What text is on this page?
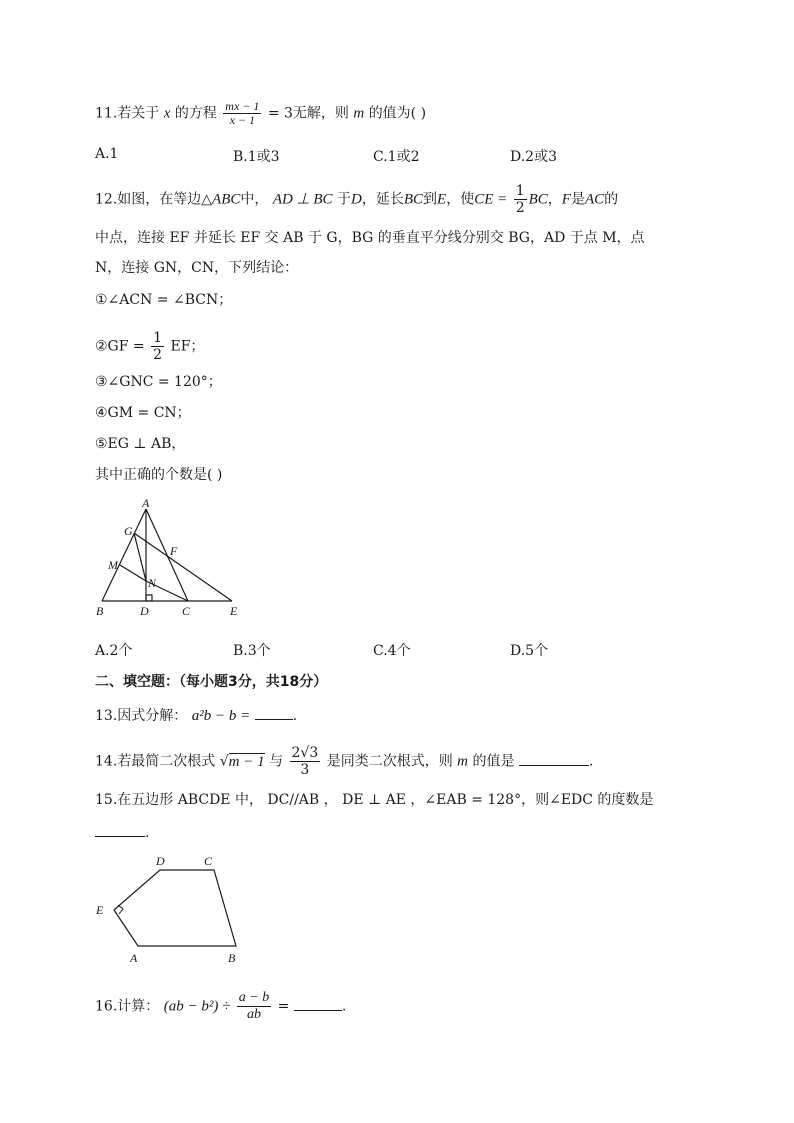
11.若关于 x 的方程 $\frac{mx - 1}{x - 1} = 3$无解，则 m 的值为( )
A.1	B.1或3	C.1或2	D.2或3
12.如图，在等边△ABC中， AD ⊥ BC 于D，延长BC到E，使CE = $\frac{1}{2}$ BC，F是AC的
中点，连接 EF 并延长 EF 交 AB 于 G，BG 的垂直平分线分别交 BG，AD 于点 M，点
N，连接 GN，CN，下列结论：
①∠ACN = ∠BCN；
②GF = $\frac{1}{2}$ EF；
③∠GNC = 120°；
④GM = CN；
⑤EG ⊥ AB，
其中正确的个数是( )
A
G
F
M
N
B	D	C	E
A.2个	B.3个	C.4个	D.5个
二、填空题：（每小题3分，共18分）
13.因式分解： a²b − b =	.
14.若最简二次根式 √m − 1 与 $\frac{2√3}{3}$ 是同类二次根式，则 m 的值是	.
15.在五边形 ABCDE 中， DC//AB ， DE ⊥ AE ，∠EAB = 128°，则∠EDC 的度数是
.
D	C
E
A	B
16.计算： $(ab - b^2) \div \frac{a - b}{ab}$ =	.
